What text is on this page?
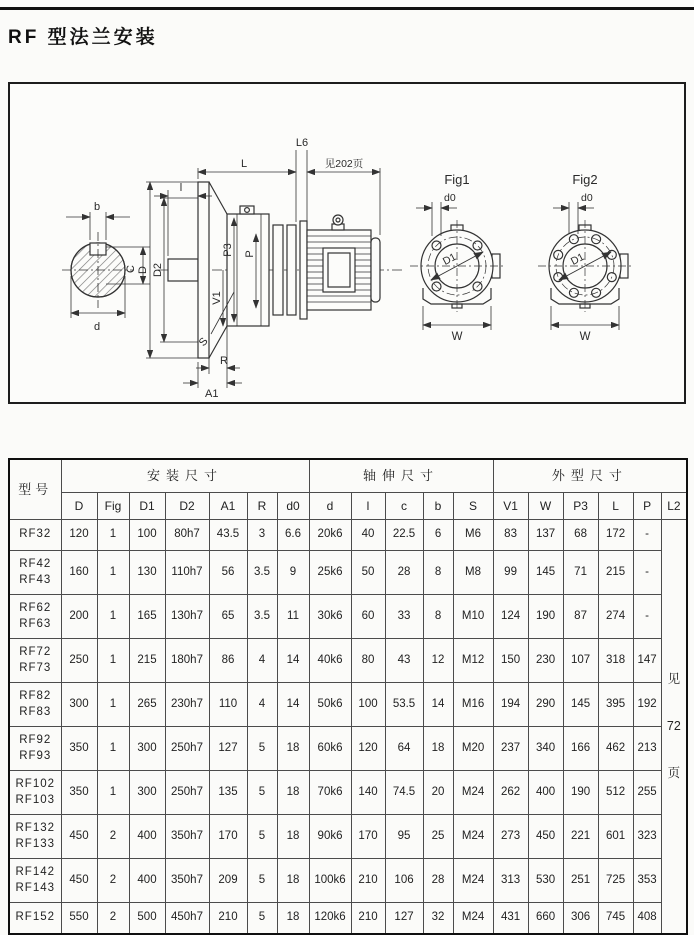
RF 型法兰安装
b
C
d
l
L
L6
见202页
D D2
P3 P
V1
S
R
A1
Fig1
d0
D1
W
Fig2
d0
D1
W
型号	安装尺寸							轴伸尺寸					外型尺寸					
	D	Fig	D1	D2	A1	R	d0	d	l	c	b	S	V1	W	P3	L	P	L2

RF32	120	1	100	80h7	43.5	3	6.6	20k6	40	22.5	6	M6	83	137	68	172	-	见
72
页

RF42
RF43	160	1	130	110h7	56	3.5	9	25k6	50	28	8	M8	99	145	71	215	-	

RF62
RF63	200	1	165	130h7	65	3.5	11	30k6	60	33	8	M10	124	190	87	274	-	

RF72
RF73	250	1	215	180h7	86	4	14	40k6	80	43	12	M12	150	230	107	318	147	

RF82
RF83	300	1	265	230h7	110	4	14	50k6	100	53.5	14	M16	194	290	145	395	192	

RF92
RF93	350	1	300	250h7	127	5	18	60k6	120	64	18	M20	237	340	166	462	213	

RF102
RF103	350	1	300	250h7	135	5	18	70k6	140	74.5	20	M24	262	400	190	512	255	

RF132
RF133	450	2	400	350h7	170	5	18	90k6	170	95	25	M24	273	450	221	601	323	

RF142
RF143	450	2	400	350h7	209	5	18	100k6	210	106	28	M24	313	530	251	725	353	

RF152	550	2	500	450h7	210	5	18	120k6	210	127	32	M24	431	660	306	745	408	
